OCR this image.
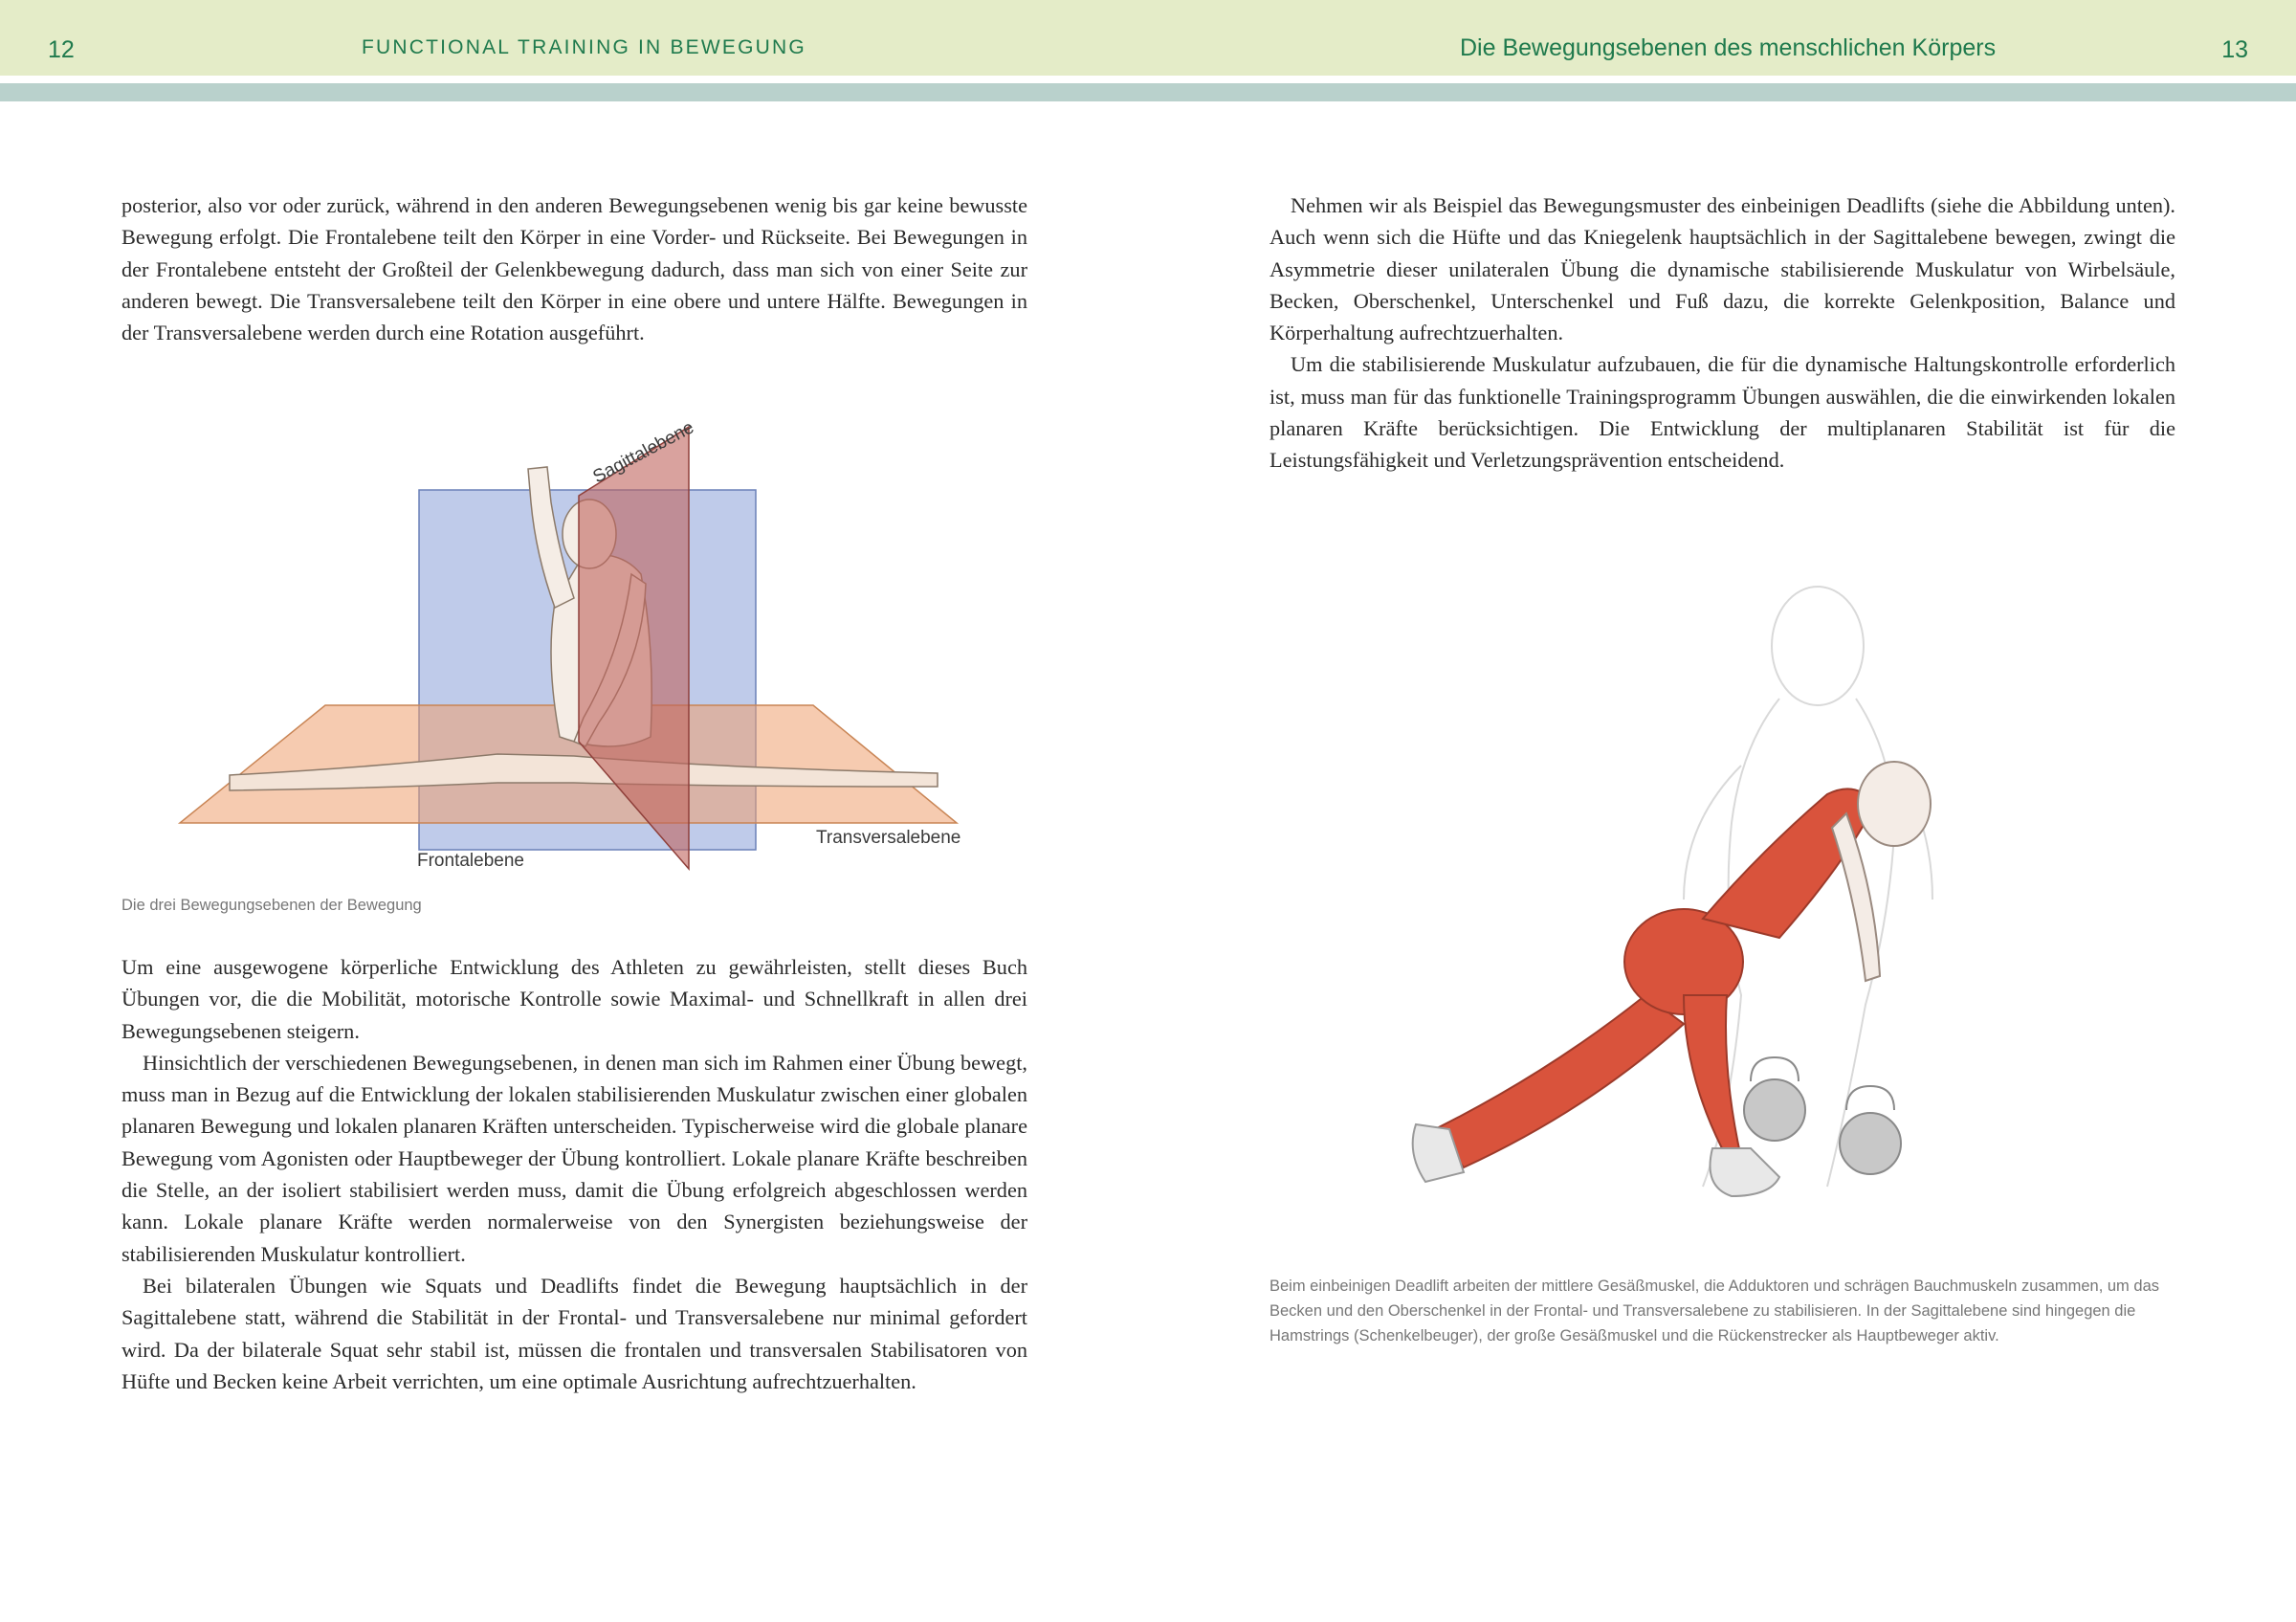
12	FUNCTIONAL TRAINING IN BEWEGUNG	Die Bewegungsebenen des menschlichen Körpers	13

posterior, also vor oder zurück, während in den anderen Bewegungsebenen wenig bis gar keine bewusste Bewegung erfolgt. Die Frontalebene teilt den Körper in eine Vorder- und Rückseite. Bei Bewegungen in der Frontalebene entsteht der Großteil der Gelenkbewegung dadurch, dass man sich von einer Seite zur anderen bewegt. Die Transversalebene teilt den Körper in eine obere und untere Hälfte. Bewegungen in der Transversalebene werden durch eine Rotation ausgeführt.

Sagittalebene
Frontalebene
Transversalebene
Die drei Bewegungsebenen der Bewegung

Um eine ausgewogene körperliche Entwicklung des Athleten zu gewährleisten, stellt dieses Buch Übungen vor, die die Mobilität, motorische Kontrolle sowie Maximal- und Schnellkraft in allen drei Bewegungsebenen steigern.

Hinsichtlich der verschiedenen Bewegungsebenen, in denen man sich im Rahmen einer Übung bewegt, muss man in Bezug auf die Entwicklung der lokalen stabilisierenden Muskulatur zwischen einer globalen planaren Bewegung und lokalen planaren Kräften unterscheiden. Typischerweise wird die globale planare Bewegung vom Agonisten oder Hauptbeweger der Übung kontrolliert. Lokale planare Kräfte beschreiben die Stelle, an der isoliert stabilisiert werden muss, damit die Übung erfolgreich abgeschlossen werden kann. Lokale planare Kräfte werden normalerweise von den Synergisten beziehungsweise der stabilisierenden Muskulatur kontrolliert.

Bei bilateralen Übungen wie Squats und Deadlifts findet die Bewegung hauptsächlich in der Sagittalebene statt, während die Stabilität in der Frontal- und Transversalebene nur minimal gefordert wird. Da der bilaterale Squat sehr stabil ist, müssen die frontalen und transversalen Stabilisatoren von Hüfte und Becken keine Arbeit verrichten, um eine optimale Ausrichtung aufrechtzuerhalten.

Nehmen wir als Beispiel das Bewegungsmuster des einbeinigen Deadlifts (siehe die Abbildung unten). Auch wenn sich die Hüfte und das Kniegelenk hauptsächlich in der Sagittalebene bewegen, zwingt die Asymmetrie dieser unilateralen Übung die dynamische stabilisierende Muskulatur von Wirbelsäule, Becken, Oberschenkel, Unterschenkel und Fuß dazu, die korrekte Gelenkposition, Balance und Körperhaltung aufrechtzuerhalten.

Um die stabilisierende Muskulatur aufzubauen, die für die dynamische Haltungskontrolle erforderlich ist, muss man für das funktionelle Trainingsprogramm Übungen auswählen, die die einwirkenden lokalen planaren Kräfte berücksichtigen. Die Entwicklung der multiplanaren Stabilität ist für die Leistungsfähigkeit und Verletzungsprävention entscheidend.

Beim einbeinigen Deadlift arbeiten der mittlere Gesäßmuskel, die Adduktoren und schrägen Bauchmuskeln zusammen, um das Becken und den Oberschenkel in der Frontal- und Transversalebene zu stabilisieren. In der Sagittalebene sind hingegen die Hamstrings (Schenkelbeuger), der große Gesäßmuskel und die Rückenstrecker als Hauptbeweger aktiv.
